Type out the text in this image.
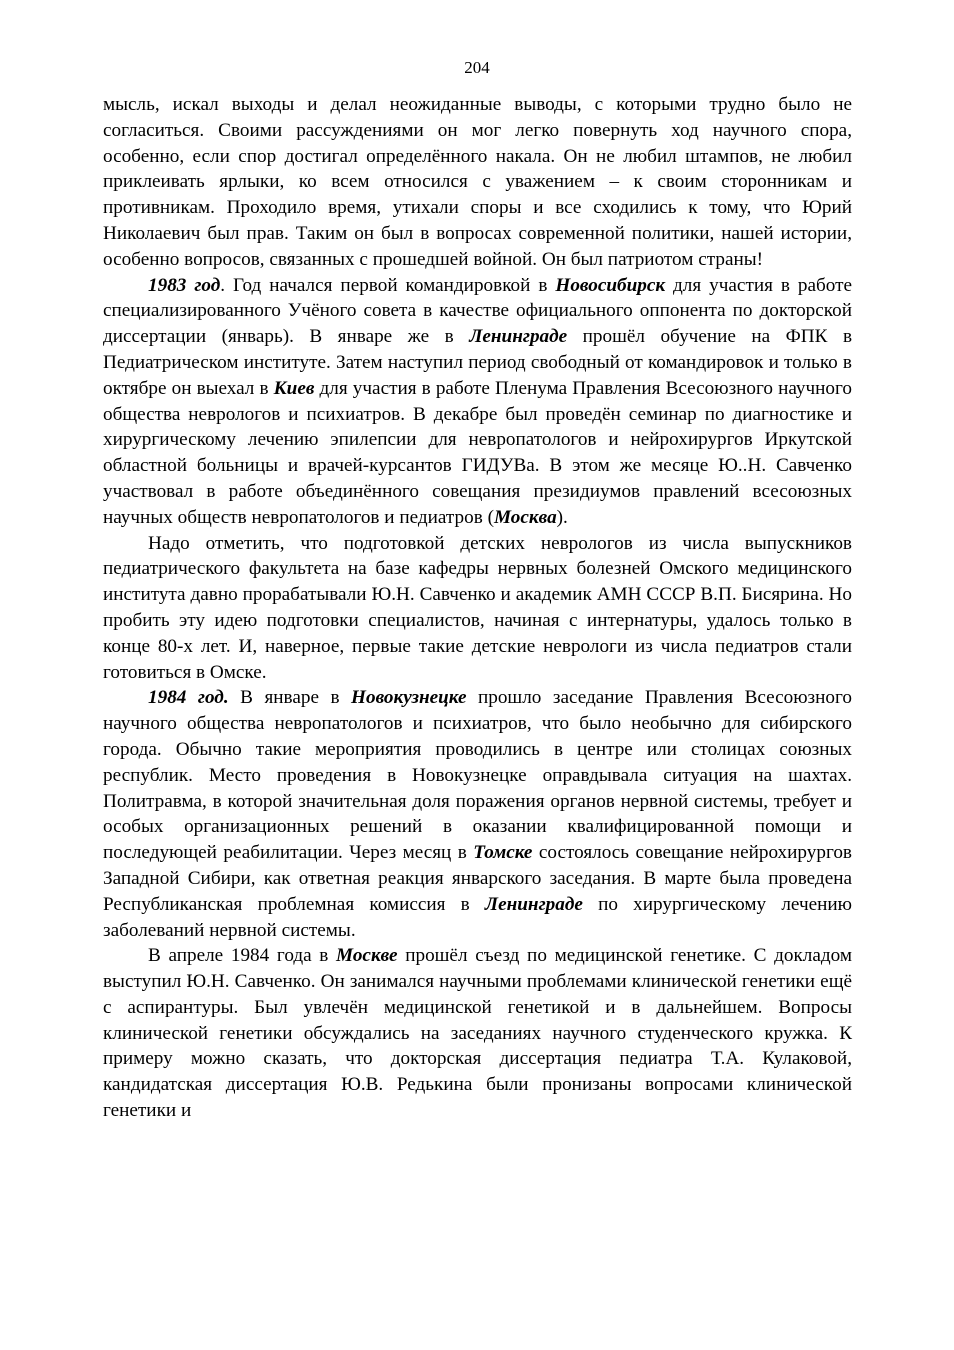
204

мысль, искал выходы и делал неожиданные выводы, с которыми трудно было не согласиться. Своими рассуждениями он мог легко повернуть ход научного спора, особенно, если спор достигал определённого накала. Он не любил штампов, не любил приклеивать ярлыки, ко всем относился с уважением – к своим сторонникам и противникам. Проходило время, утихали споры и все сходились к тому, что Юрий Николаевич был прав. Таким он был в вопросах современной политики, нашей истории, особенно вопросов, связанных с прошедшей войной. Он был патриотом страны!

1983 год. Год начался первой командировкой в Новосибирск для участия в работе специализированного Учёного совета в качестве официального оппонента по докторской диссертации (январь). В январе же в Ленинграде прошёл обучение на ФПК в Педиатрическом институте. Затем наступил период свободный от командировок и только в октябре он выехал в Киев для участия в работе Пленума Правления Всесоюзного научного общества неврологов и психиатров. В декабре был проведён семинар по диагностике и хирургическому лечению эпилепсии для невропатологов и нейрохирургов Иркутской областной больницы и врачей-курсантов ГИДУВа. В этом же месяце Ю..Н. Савченко участвовал в работе объединённого совещания президиумов правлений всесоюзных научных обществ невропатологов и педиатров (Москва).

Надо отметить, что подготовкой детских неврологов из числа выпускников педиатрического факультета на базе кафедры нервных болезней Омского медицинского института давно прорабатывали Ю.Н. Савченко и академик АМН СССР В.П. Бисярина. Но пробить эту идею подготовки специалистов, начиная с интернатуры, удалось только в конце 80-х лет. И, наверное, первые такие детские неврологи из числа педиатров стали готовиться в Омске.

1984 год. В январе в Новокузнецке прошло заседание Правления Всесоюзного научного общества невропатологов и психиатров, что было необычно для сибирского города. Обычно такие мероприятия проводились в центре или столицах союзных республик. Место проведения в Новокузнецке оправдывала ситуация на шахтах. Политравма, в которой значительная доля поражения органов нервной системы, требует и особых организационных решений в оказании квалифицированной помощи и последующей реабилитации. Через месяц в Томске состоялось совещание нейрохирургов Западной Сибири, как ответная реакция январского заседания. В марте была проведена Республиканская проблемная комиссия в Ленинграде по хирургическому лечению заболеваний нервной системы.

В апреле 1984 года в Москве прошёл съезд по медицинской генетике. С докладом выступил Ю.Н. Савченко. Он занимался научными проблемами клинической генетики ещё с аспирантуры. Был увлечён медицинской генетикой и в дальнейшем. Вопросы клинической генетики обсуждались на заседаниях научного студенческого кружка. К примеру можно сказать, что докторская диссертация педиатра Т.А. Кулаковой, кандидатская диссертация Ю.В. Редькина были пронизаны вопросами клинической генетики и
